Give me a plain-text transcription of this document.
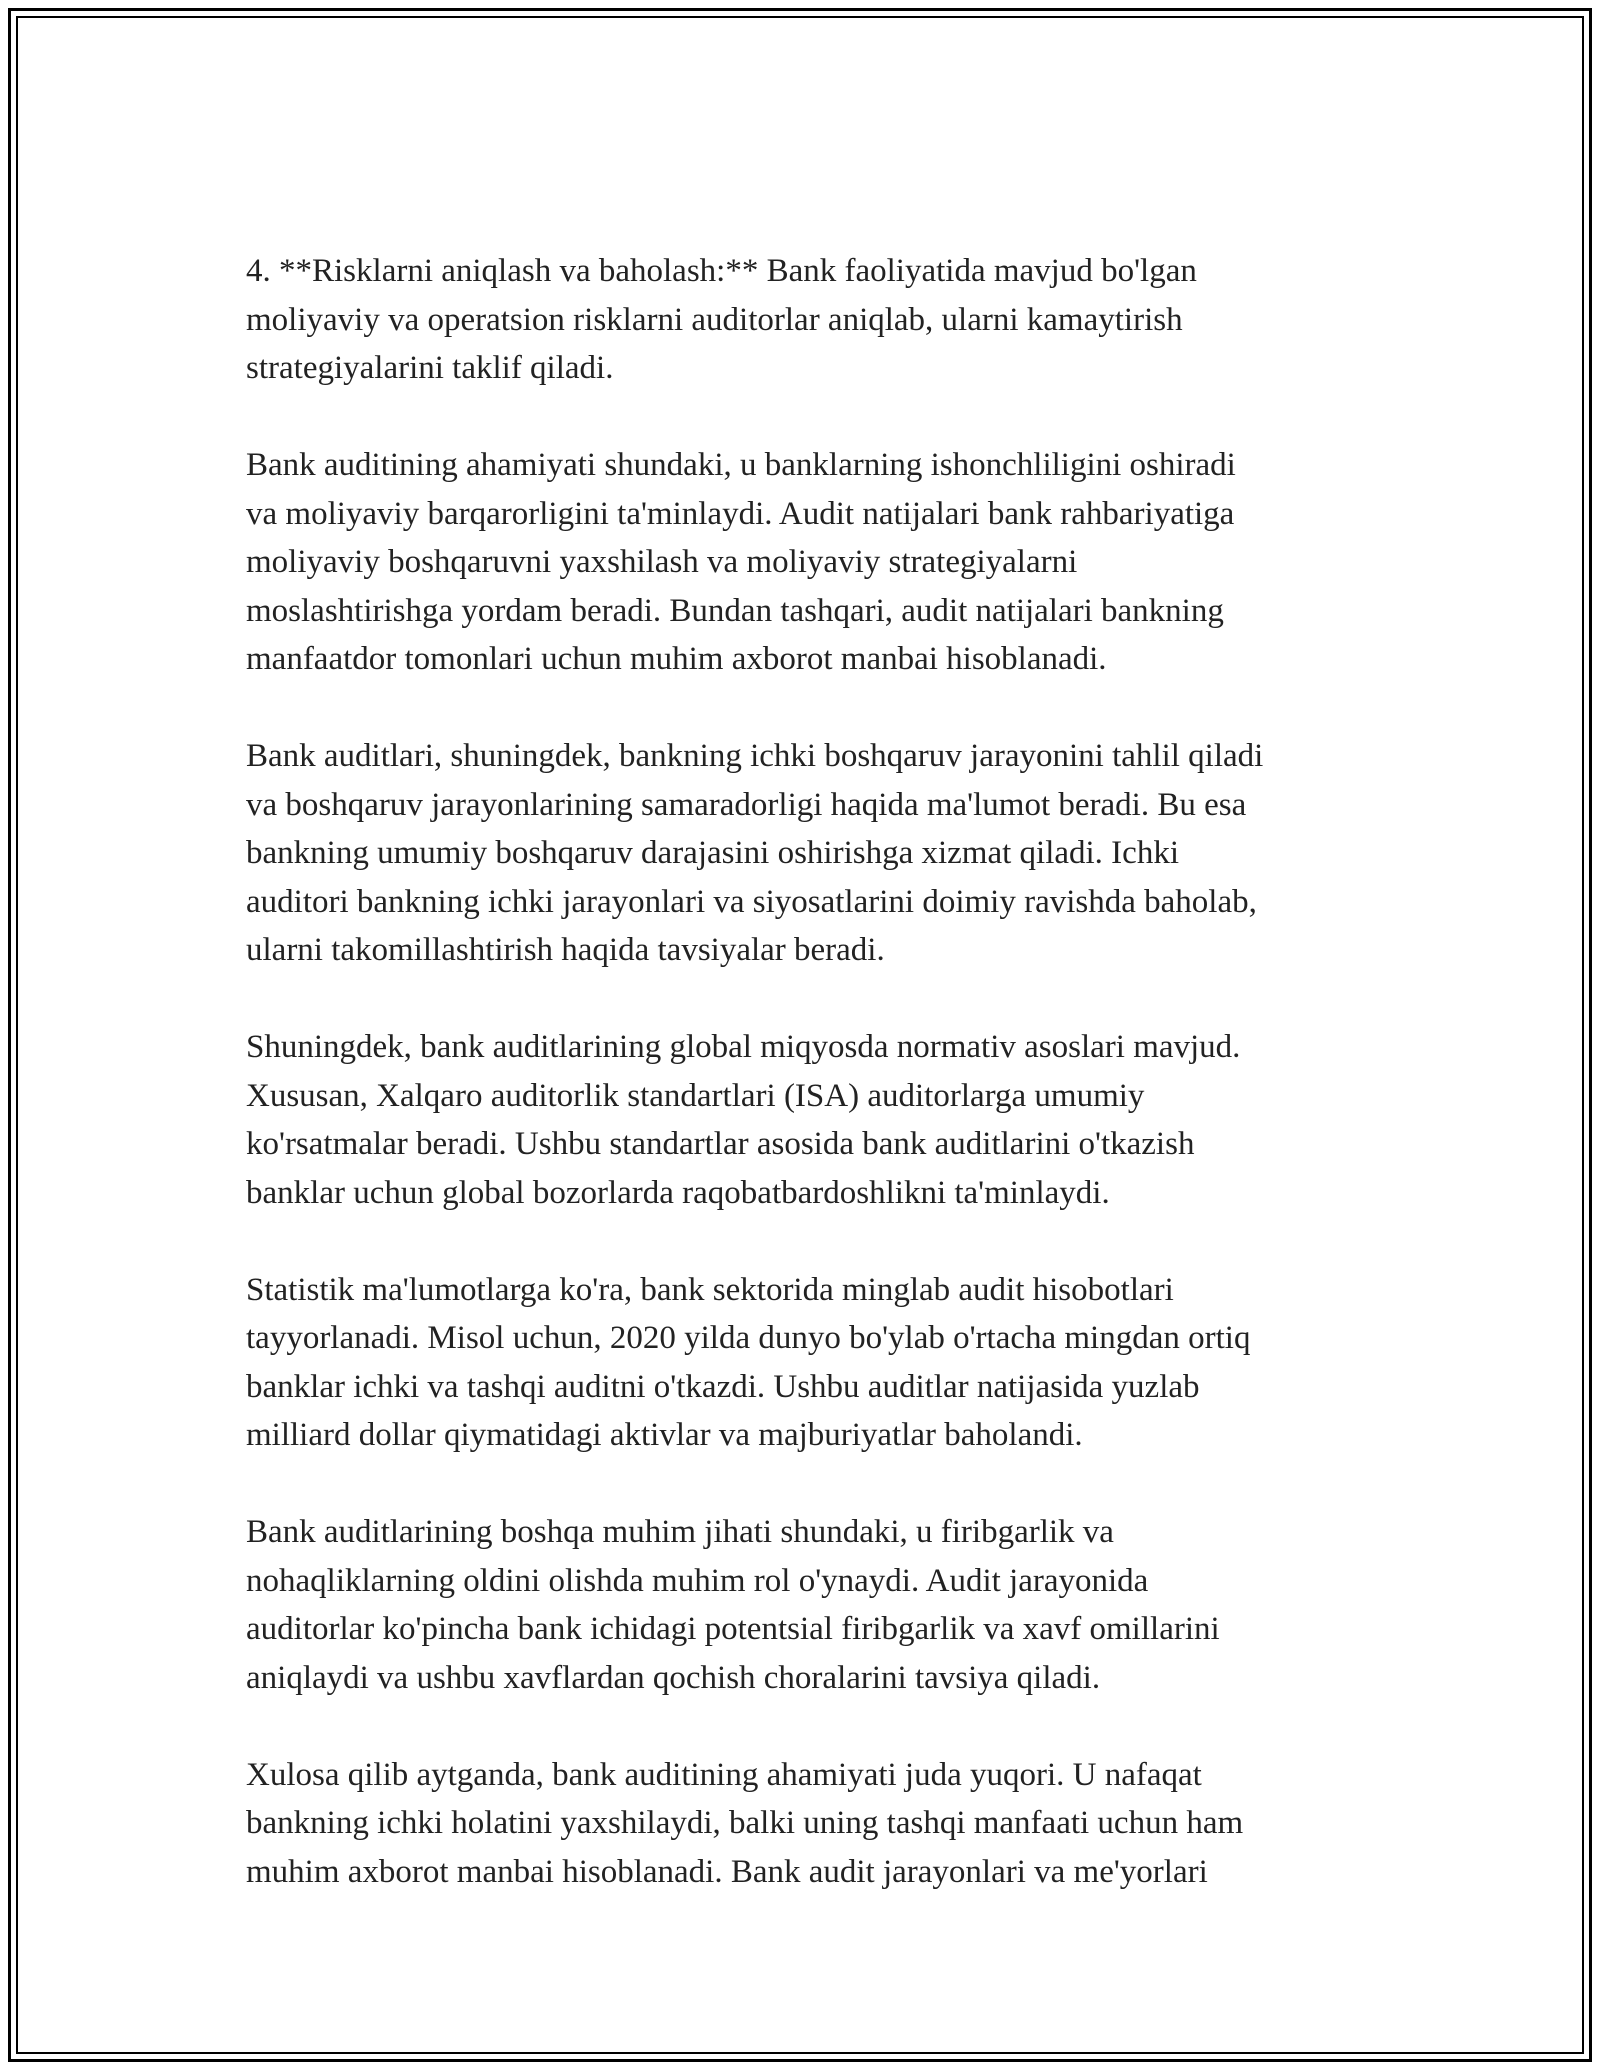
4. **Risklarni aniqlash va baholash:** Bank faoliyatida mavjud bo'lgan
moliyaviy va operatsion risklarni auditorlar aniqlab, ularni kamaytirish
strategiyalarini taklif qiladi.

Bank auditining ahamiyati shundaki, u banklarning ishonchliligini oshiradi
va moliyaviy barqarorligini ta'minlaydi. Audit natijalari bank rahbariyatiga
moliyaviy boshqaruvni yaxshilash va moliyaviy strategiyalarni
moslashtirishga yordam beradi. Bundan tashqari, audit natijalari bankning
manfaatdor tomonlari uchun muhim axborot manbai hisoblanadi.

Bank auditlari, shuningdek, bankning ichki boshqaruv jarayonini tahlil qiladi
va boshqaruv jarayonlarining samaradorligi haqida ma'lumot beradi. Bu esa
bankning umumiy boshqaruv darajasini oshirishga xizmat qiladi. Ichki
auditori bankning ichki jarayonlari va siyosatlarini doimiy ravishda baholab,
ularni takomillashtirish haqida tavsiyalar beradi.

Shuningdek, bank auditlarining global miqyosda normativ asoslari mavjud.
Xususan, Xalqaro auditorlik standartlari (ISA) auditorlarga umumiy
ko'rsatmalar beradi. Ushbu standartlar asosida bank auditlarini o'tkazish
banklar uchun global bozorlarda raqobatbardoshlikni ta'minlaydi.

Statistik ma'lumotlarga ko'ra, bank sektorida minglab audit hisobotlari
tayyorlanadi. Misol uchun, 2020 yilda dunyo bo'ylab o'rtacha mingdan ortiq
banklar ichki va tashqi auditni o'tkazdi. Ushbu auditlar natijasida yuzlab
milliard dollar qiymatidagi aktivlar va majburiyatlar baholandi.

Bank auditlarining boshqa muhim jihati shundaki, u firibgarlik va
nohaqliklarning oldini olishda muhim rol o'ynaydi. Audit jarayonida
auditorlar ko'pincha bank ichidagi potentsial firibgarlik va xavf omillarini
aniqlaydi va ushbu xavflardan qochish choralarini tavsiya qiladi.

Xulosa qilib aytganda, bank auditining ahamiyati juda yuqori. U nafaqat
bankning ichki holatini yaxshilaydi, balki uning tashqi manfaati uchun ham
muhim axborot manbai hisoblanadi. Bank audit jarayonlari va me'yorlari
